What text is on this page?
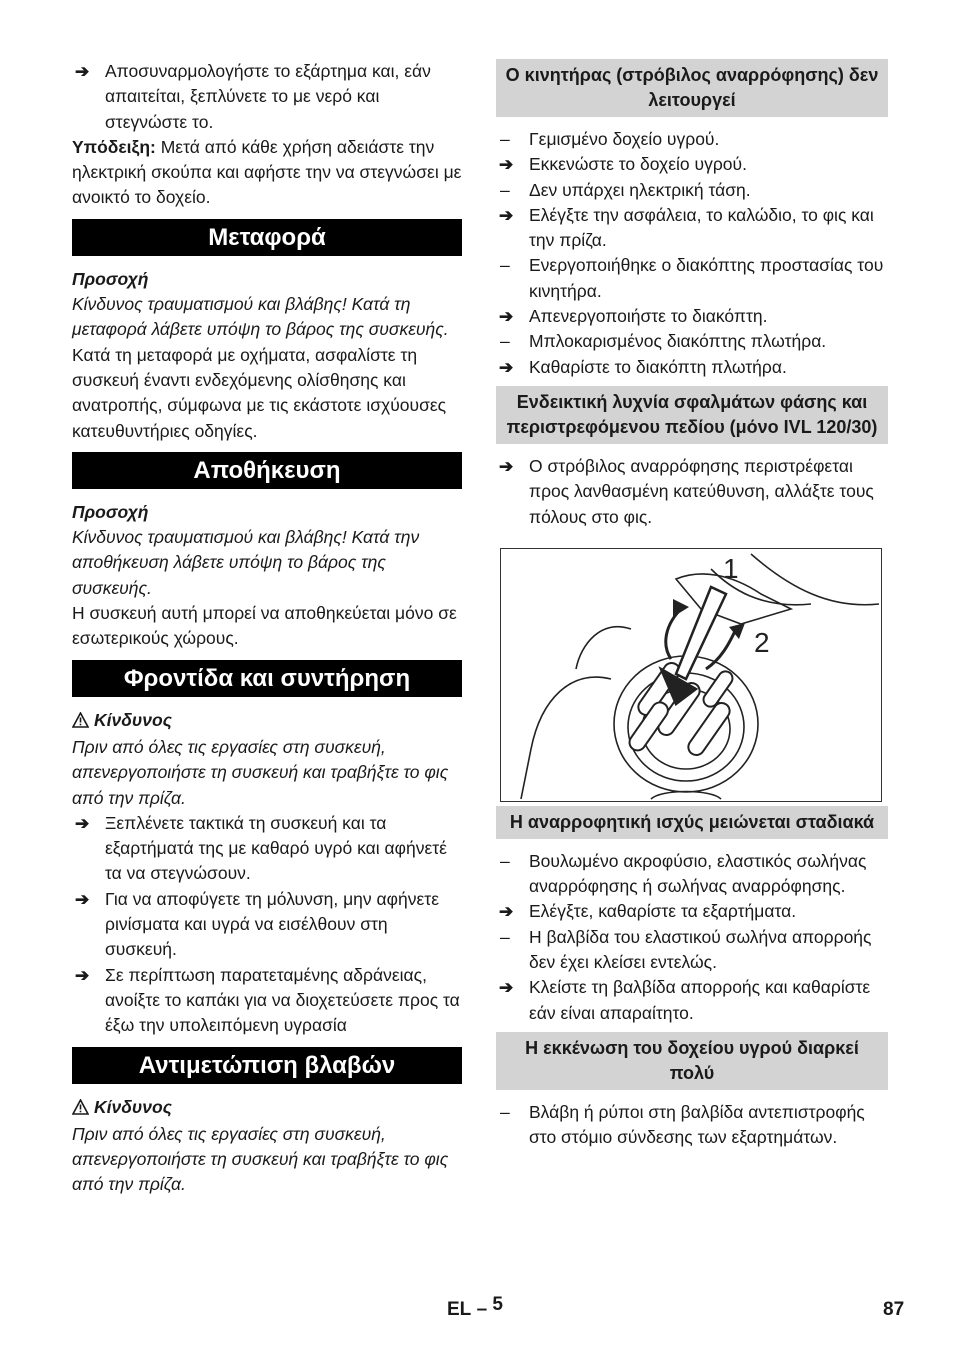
➔ Αποσυναρμολογήστε το εξάρτημα και, εάν απαιτείται, ξεπλύνετε το με νερό και στεγνώστε το.

Υπόδειξη: Μετά από κάθε χρήση αδειάστε την ηλεκτρική σκούπα και αφήστε την να στεγνώσει με ανοικτό το δοχείο.

Μεταφορά

Προσοχή

Κίνδυνος τραυματισμού και βλάβης! Κατά τη μεταφορά λάβετε υπόψη το βάρος της συσκευής.

Κατά τη μεταφορά με οχήματα, ασφαλίστε τη συσκευή έναντι ενδεχόμενης ολίσθησης και ανατροπής, σύμφωνα με τις εκάστοτε ισχύουσες κατευθυντήριες οδηγίες.

Αποθήκευση

Προσοχή

Κίνδυνος τραυματισμού και βλάβης! Κατά την αποθήκευση λάβετε υπόψη το βάρος της συσκευής.

Η συσκευή αυτή μπορεί να αποθηκεύεται μόνο σε εσωτερικούς χώρους.

Φροντίδα και συντήρηση

Κίνδυνος

Πριν από όλες τις εργασίες στη συσκευή, απενεργοποιήστε τη συσκευή και τραβήξτε το φις από την πρίζα.

➔ Ξεπλένετε τακτικά τη συσκευή και τα εξαρτήματά της με καθαρό υγρό και αφήνετέ τα να στεγνώσουν.

➔ Για να αποφύγετε τη μόλυνση, μην αφήνετε ρινίσματα και υγρά να εισέλθουν στη συσκευή.

➔ Σε περίπτωση παρατεταμένης αδράνειας, ανοίξτε το καπάκι για να διοχετεύσετε προς τα έξω την υπολειπόμενη υγρασία

Αντιμετώπιση βλαβών

Κίνδυνος

Πριν από όλες τις εργασίες στη συσκευή, απενεργοποιήστε τη συσκευή και τραβήξτε το φις από την πρίζα.

Ο κινητήρας (στρόβιλος αναρρόφησης) δεν λειτουργεί

– Γεμισμένο δοχείο υγρού.

➔ Εκκενώστε το δοχείο υγρού.

– Δεν υπάρχει ηλεκτρική τάση.

➔ Ελέγξτε την ασφάλεια, το καλώδιο, το φις και την πρίζα.

– Ενεργοποιήθηκε ο διακόπτης προστασίας του κινητήρα.

➔ Απενεργοποιήστε το διακόπτη.

– Μπλοκαρισμένος διακόπτης πλωτήρα.

➔ Καθαρίστε το διακόπτη πλωτήρα.

Ενδεικτική λυχνία σφαλμάτων φάσης και περιστρεφόμενου πεδίου (μόνο IVL 120/30)

➔ Ο στρόβιλος αναρρόφησης περιστρέφεται προς λανθασμένη κατεύθυνση, αλλάξτε τους πόλους στο φις.

1
2
Η αναρροφητική ισχύς μειώνεται σταδιακά

– Βουλωμένο ακροφύσιο, ελαστικός σωλήνας αναρρόφησης ή σωλήνας αναρρόφησης.

➔ Ελέγξτε, καθαρίστε τα εξαρτήματα.

– Η βαλβίδα του ελαστικού σωλήνα απορροής δεν έχει κλείσει εντελώς.

➔ Κλείστε τη βαλβίδα απορροής και καθαρίστε εάν είναι απαραίτητο.

Η εκκένωση του δοχείου υγρού διαρκεί πολύ

– Βλάβη ή ρύποι στη βαλβίδα αντεπιστροφής στο στόμιο σύνδεσης των εξαρτημάτων.

EL – 5	87
